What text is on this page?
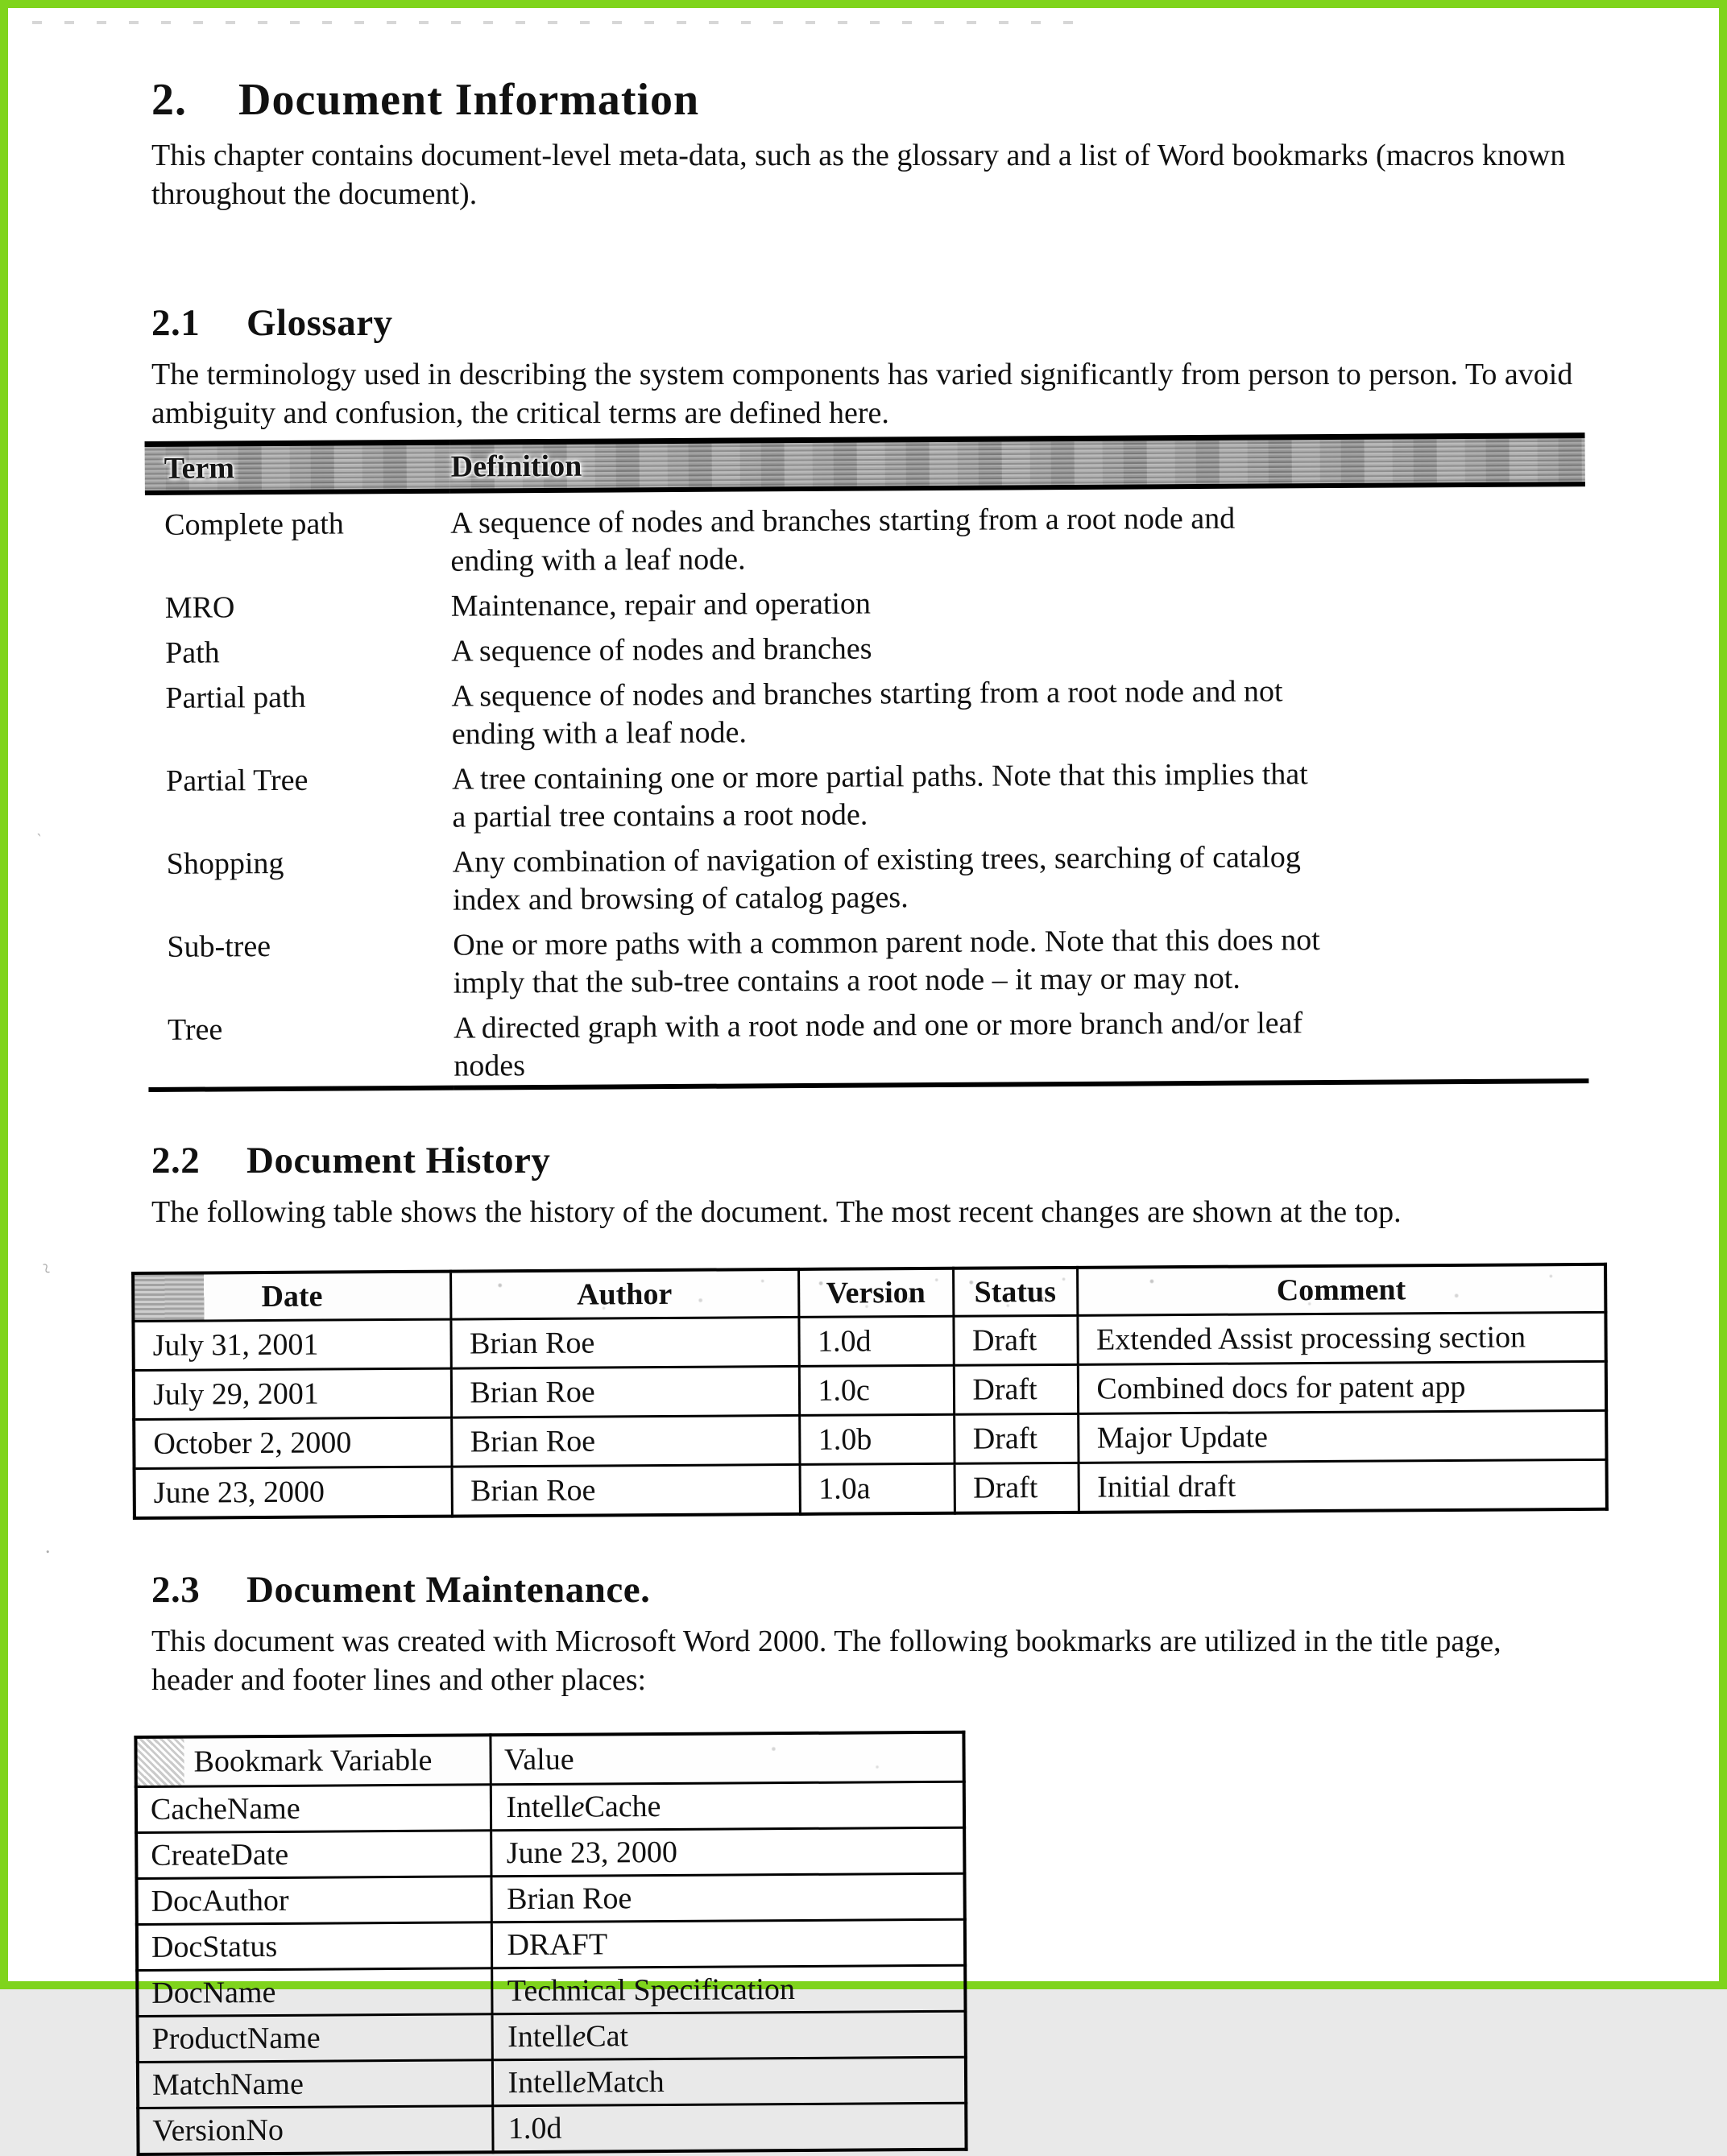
~
.
`
2. Document Information

This chapter contains document-level meta-data, such as the glossary and a list of Word bookmarks (macros known throughout the document).

2.1 Glossary

The terminology used in describing the system components has varied significantly from person to person. To avoid ambiguity and confusion, the critical terms are defined here.

Term	Definition
Complete path	A sequence of nodes and branches starting from a root node and ending with a leaf node.
MRO	Maintenance, repair and operation
Path	A sequence of nodes and branches
Partial path	A sequence of nodes and branches starting from a root node and not ending with a leaf node.
Partial Tree	A tree containing one or more partial paths. Note that this implies that a partial tree contains a root node.
Shopping	Any combination of navigation of existing trees, searching of catalog index and browsing of catalog pages.
Sub-tree	One or more paths with a common parent node. Note that this does not imply that the sub-tree contains a root node – it may or may not.
Tree	A directed graph with a root node and one or more branch and/or leaf nodes
2.2 Document History

The following table shows the history of the document. The most recent changes are shown at the top.

Date	Author	Version	Status	Comment
July 31, 2001	Brian Roe	1.0d	Draft	Extended Assist processing section
July 29, 2001	Brian Roe	1.0c	Draft	Combined docs for patent app
October 2, 2000	Brian Roe	1.0b	Draft	Major Update
June 23, 2000	Brian Roe	1.0a	Draft	Initial draft
2.3 Document Maintenance.

This document was created with Microsoft Word 2000. The following bookmarks are utilized in the title page, header and footer lines and other places:

Bookmark Variable	Value
CacheName	IntelleCache
CreateDate	June 23, 2000
DocAuthor	Brian Roe
DocStatus	DRAFT
DocName	Technical Specification
ProductName	IntelleCat
MatchName	IntelleMatch
VersionNo	1.0d
